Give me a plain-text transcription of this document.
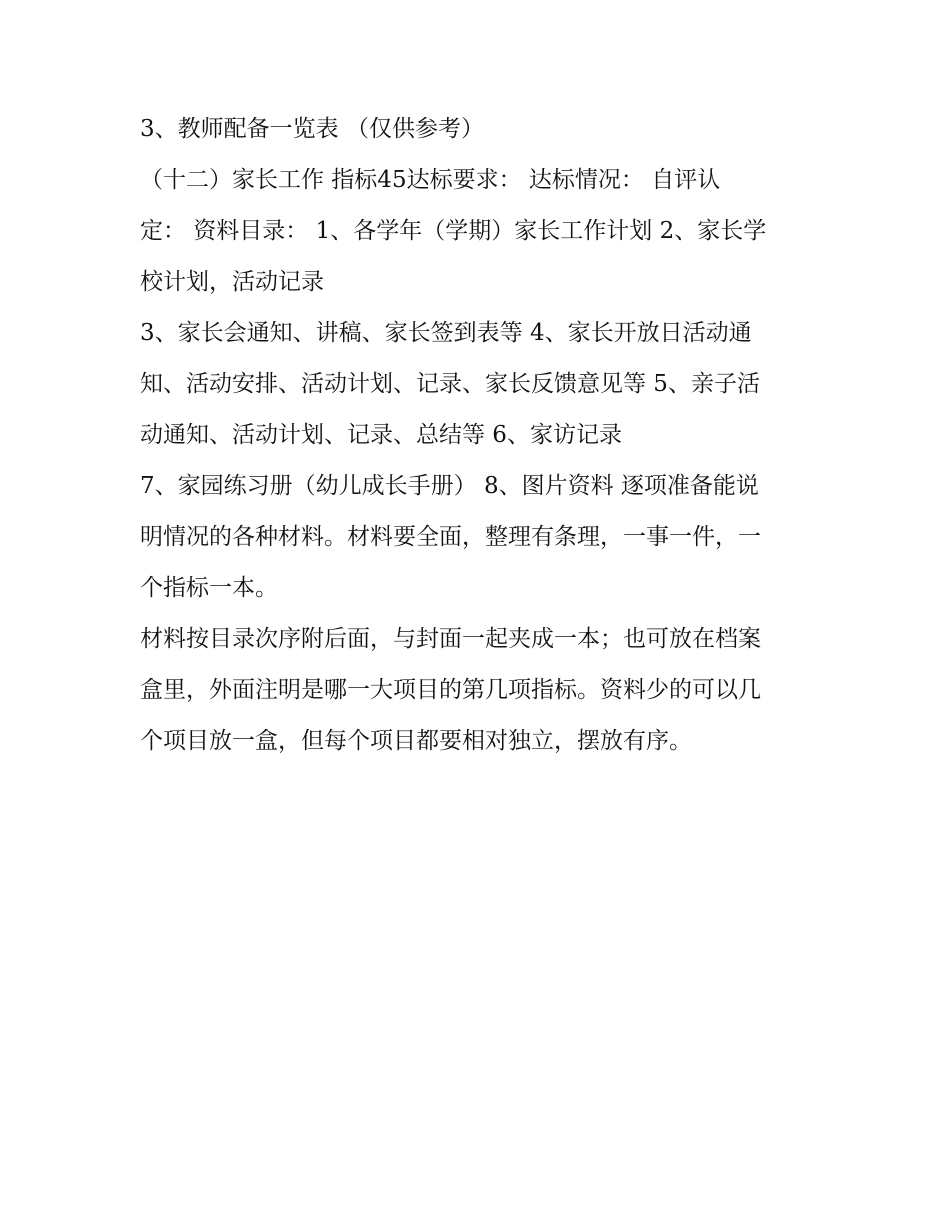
3、教师配备一览表 （仅供参考）
（十二）家长工作 指标45达标要求： 达标情况： 自评认
定： 资料目录： 1、各学年（学期）家长工作计划 2、家长学
校计划，活动记录
3、家长会通知、讲稿、家长签到表等 4、家长开放日活动通
知、活动安排、活动计划、记录、家长反馈意见等 5、亲子活
动通知、活动计划、记录、总结等 6、家访记录
7、家园练习册（幼儿成长手册） 8、图片资料 逐项准备能说
明情况的各种材料。材料要全面，整理有条理，一事一件，一
个指标一本。
材料按目录次序附后面，与封面一起夹成一本；也可放在档案
盒里，外面注明是哪一大项目的第几项指标。资料少的可以几
个项目放一盒，但每个项目都要相对独立，摆放有序。
